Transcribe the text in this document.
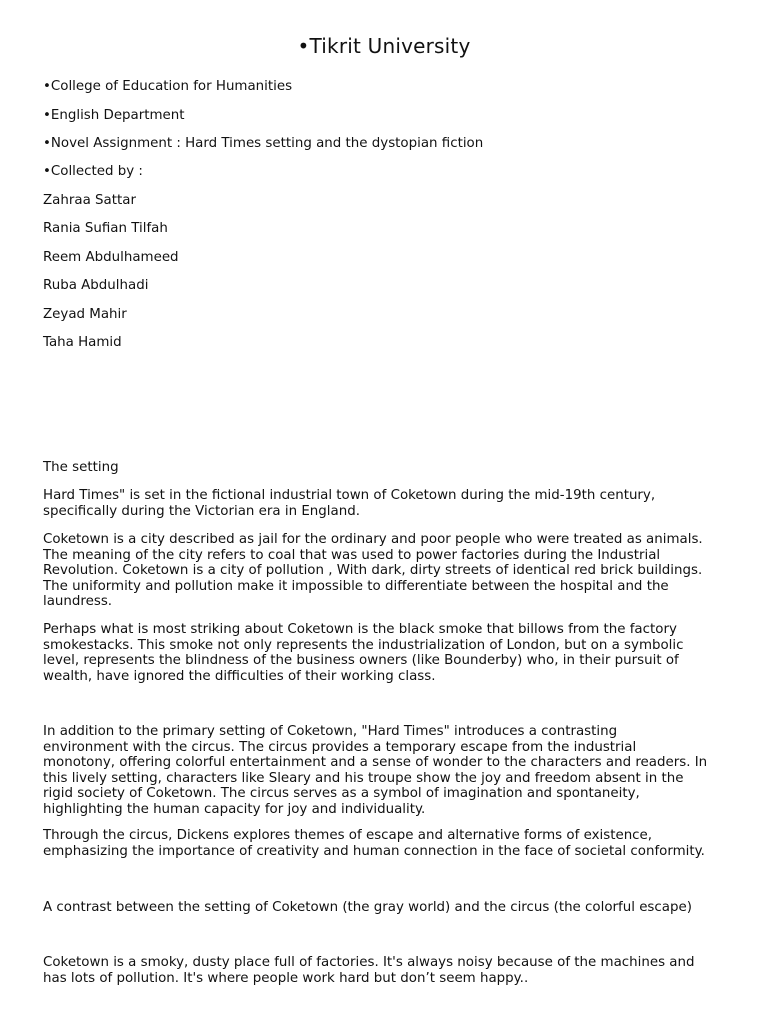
•Tikrit University
•College of Education for Humanities
•English Department
•Novel Assignment : Hard Times setting and the dystopian fiction
•Collected by :
Zahraa Sattar
Rania Sufian Tilfah
Reem Abdulhameed
Ruba Abdulhadi
Zeyad Mahir
Taha Hamid
The setting
Hard Times" is set in the fictional industrial town of Coketown during the mid-19th century,
specifically during the Victorian era in England.
Coketown is a city described as jail for the ordinary and poor people who were treated as animals.
The meaning of the city refers to coal that was used to power factories during the Industrial
Revolution. Coketown is a city of pollution , With dark, dirty streets of identical red brick buildings.
The uniformity and pollution make it impossible to differentiate between the hospital and the
laundress.
Perhaps what is most striking about Coketown is the black smoke that billows from the factory
smokestacks. This smoke not only represents the industrialization of London, but on a symbolic
level, represents the blindness of the business owners (like Bounderby) who, in their pursuit of
wealth, have ignored the difficulties of their working class.
In addition to the primary setting of Coketown, "Hard Times" introduces a contrasting
environment with the circus. The circus provides a temporary escape from the industrial
monotony, offering colorful entertainment and a sense of wonder to the characters and readers. In
this lively setting, characters like Sleary and his troupe show the joy and freedom absent in the
rigid society of Coketown. The circus serves as a symbol of imagination and spontaneity,
highlighting the human capacity for joy and individuality.
Through the circus, Dickens explores themes of escape and alternative forms of existence,
emphasizing the importance of creativity and human connection in the face of societal conformity.
A contrast between the setting of Coketown (the gray world) and the circus (the colorful escape)
Coketown is a smoky, dusty place full of factories. It's always noisy because of the machines and
has lots of pollution. It's where people work hard but don’t seem happy..
